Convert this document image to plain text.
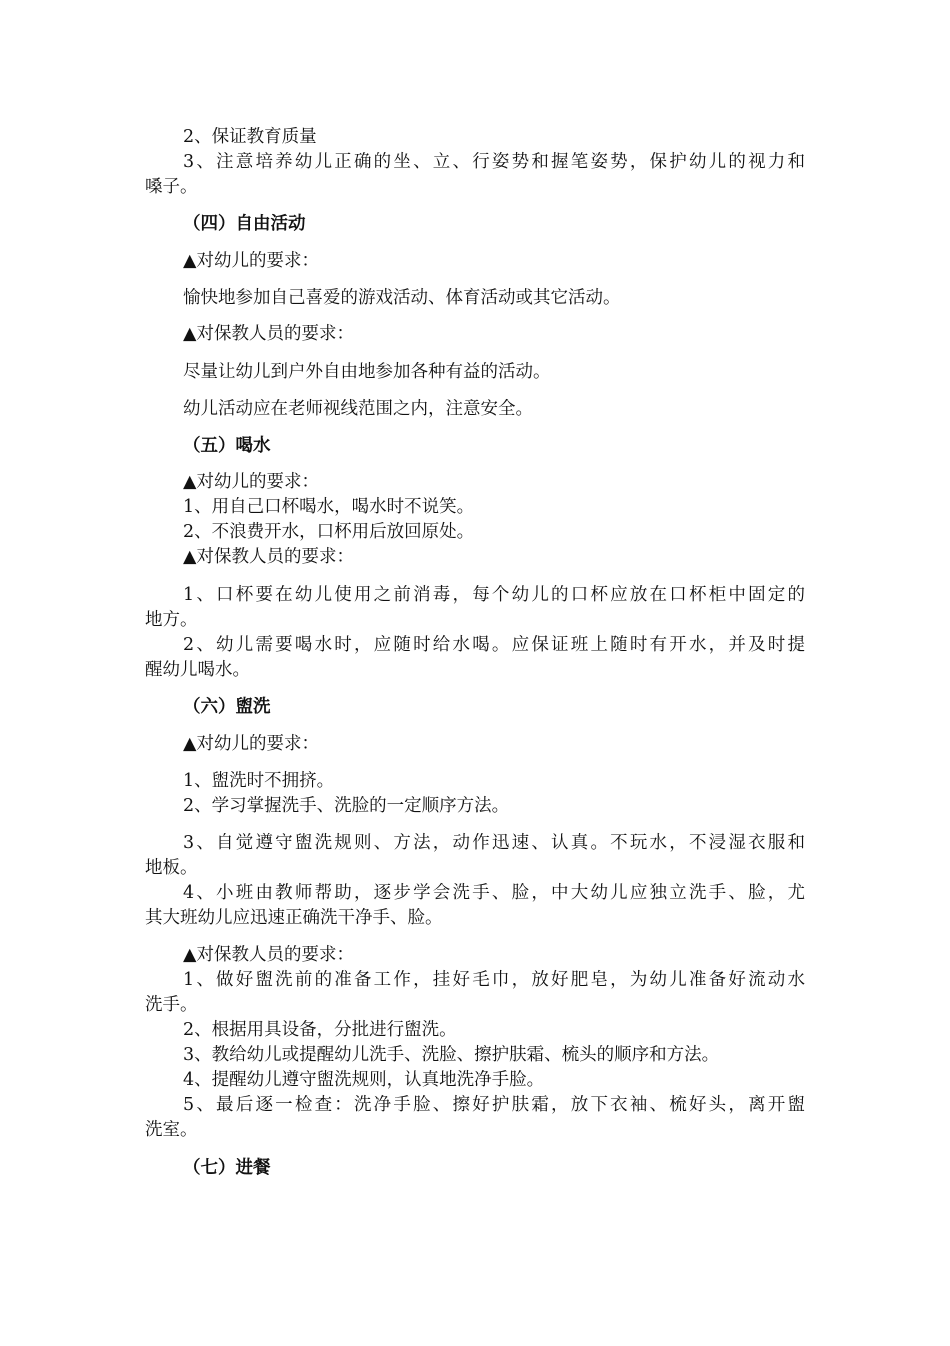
2、保证教育质量
3、注意培养幼儿正确的坐、立、行姿势和握笔姿势，保护幼儿的视力和
嗓子。
（四）自由活动
▲对幼儿的要求：
愉快地参加自己喜爱的游戏活动、体育活动或其它活动。
▲对保教人员的要求：
尽量让幼儿到户外自由地参加各种有益的活动。
幼儿活动应在老师视线范围之内，注意安全。
（五）喝水
▲对幼儿的要求：
1、用自己口杯喝水，喝水时不说笑。
2、不浪费开水，口杯用后放回原处。
▲对保教人员的要求：
1、口杯要在幼儿使用之前消毒，每个幼儿的口杯应放在口杯柜中固定的
地方。
2、幼儿需要喝水时，应随时给水喝。应保证班上随时有开水，并及时提
醒幼儿喝水。
（六）盥洗
▲对幼儿的要求：
1、盥洗时不拥挤。
2、学习掌握洗手、洗脸的一定顺序方法。
3、自觉遵守盥洗规则、方法，动作迅速、认真。不玩水，不浸湿衣服和
地板。
4、小班由教师帮助，逐步学会洗手、脸，中大幼儿应独立洗手、脸，尤
其大班幼儿应迅速正确洗干净手、脸。
▲对保教人员的要求：
1、做好盥洗前的准备工作，挂好毛巾，放好肥皂，为幼儿准备好流动水
洗手。
2、根据用具设备，分批进行盥洗。
3、教给幼儿或提醒幼儿洗手、洗脸、擦护肤霜、梳头的顺序和方法。
4、提醒幼儿遵守盥洗规则，认真地洗净手脸。
5、最后逐一检查：洗净手脸、擦好护肤霜，放下衣袖、梳好头，离开盥
洗室。
（七）进餐
